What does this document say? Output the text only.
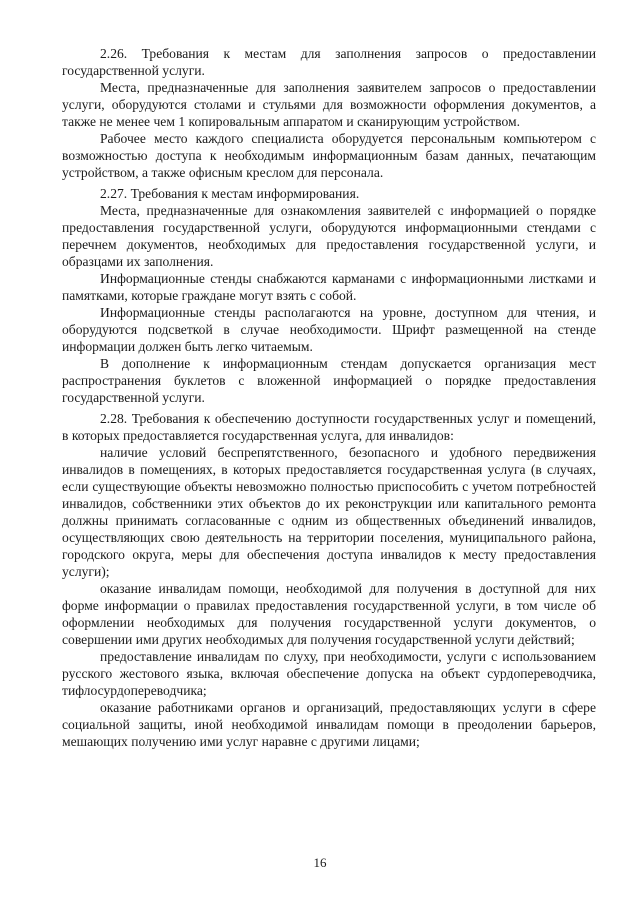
2.26. Требования к местам для заполнения запросов о предоставлении государственной услуги.

Места, предназначенные для заполнения заявителем запросов о предоставлении услуги, оборудуются столами и стульями для возможности оформления документов, а также не менее чем 1 копировальным аппаратом и сканирующим устройством.

Рабочее место каждого специалиста оборудуется персональным компьютером с возможностью доступа к необходимым информационным базам данных, печатающим устройством, а также офисным креслом для персонала.

2.27. Требования к местам информирования.

Места, предназначенные для ознакомления заявителей с информацией о порядке предоставления государственной услуги, оборудуются информационными стендами с перечнем документов, необходимых для предоставления государственной услуги, и образцами их заполнения.

Информационные стенды снабжаются карманами с информационными листками и памятками, которые граждане могут взять с собой.

Информационные стенды располагаются на уровне, доступном для чтения, и оборудуются подсветкой в случае необходимости. Шрифт размещенной на стенде информации должен быть легко читаемым.

В дополнение к информационным стендам допускается организация мест распространения буклетов с вложенной информацией о порядке предоставления государственной услуги.

2.28. Требования к обеспечению доступности государственных услуг и помещений, в которых предоставляется государственная услуга, для инвалидов:

наличие условий беспрепятственного, безопасного и удобного передвижения инвалидов в помещениях, в которых предоставляется государственная услуга (в случаях, если существующие объекты невозможно полностью приспособить с учетом потребностей инвалидов, собственники этих объектов до их реконструкции или капитального ремонта должны принимать согласованные с одним из общественных объединений инвалидов, осуществляющих свою деятельность на территории поселения, муниципального района, городского округа, меры для обеспечения доступа инвалидов к месту предоставления услуги);

оказание инвалидам помощи, необходимой для получения в доступной для них форме информации о правилах предоставления государственной услуги, в том числе об оформлении необходимых для получения государственной услуги документов, о совершении ими других необходимых для получения государственной услуги действий;

предоставление инвалидам по слуху, при необходимости, услуги с использованием русского жестового языка, включая обеспечение допуска на объект сурдопереводчика, тифлосурдопереводчика;

оказание работниками органов и организаций, предоставляющих услуги в сфере социальной защиты, иной необходимой инвалидам помощи в преодолении барьеров, мешающих получению ими услуг наравне с другими лицами;

16
